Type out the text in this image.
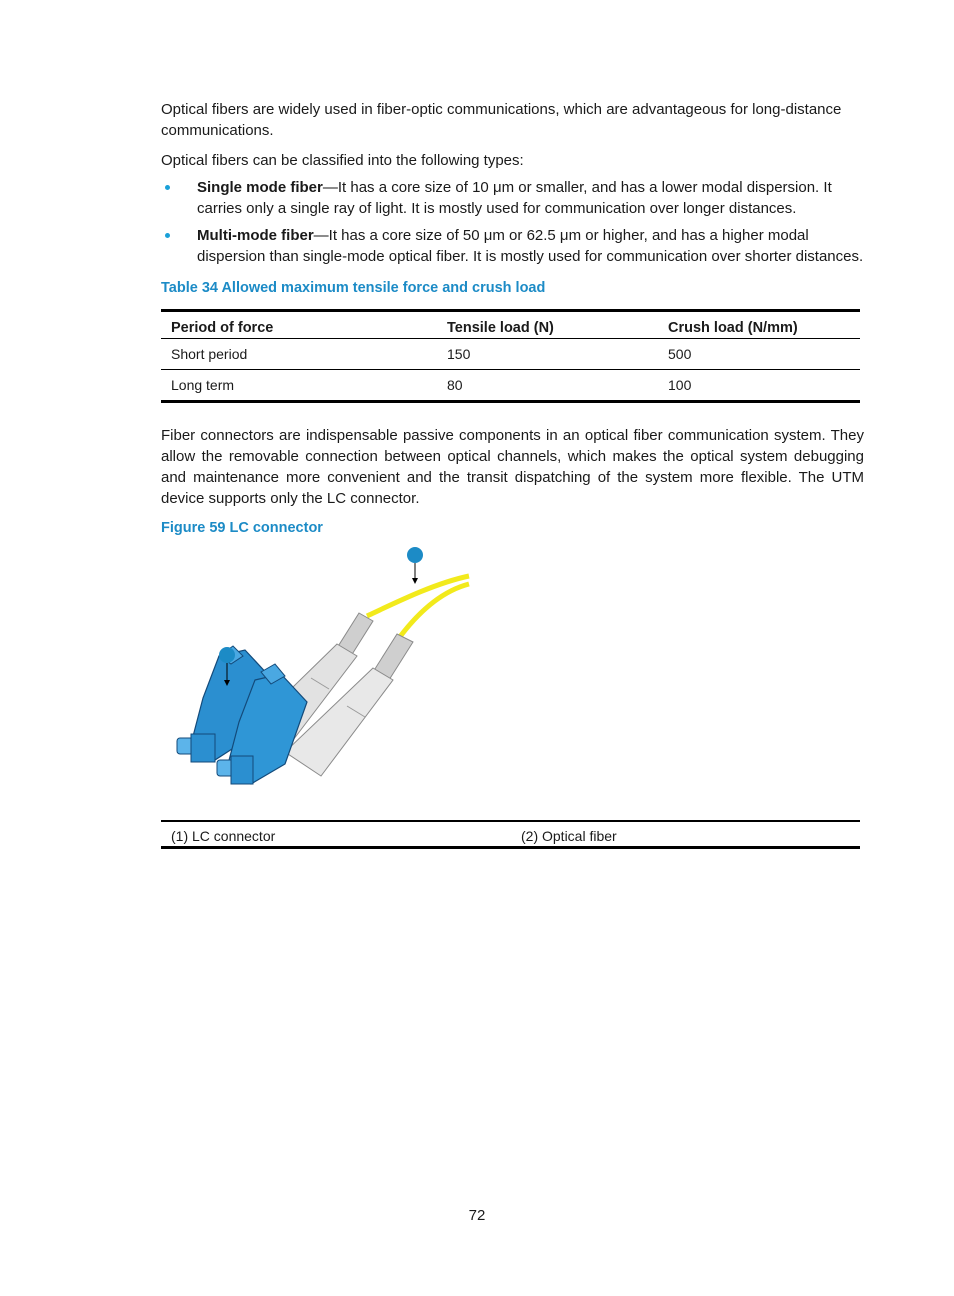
Optical fibers are widely used in fiber-optic communications, which are advantageous for long-distance communications.

Optical fibers can be classified into the following types:

Single mode fiber—It has a core size of 10 μm or smaller, and has a lower modal dispersion. It carries only a single ray of light. It is mostly used for communication over longer distances.
Multi-mode fiber—It has a core size of 50 μm or 62.5 μm or higher, and has a higher modal dispersion than single-mode optical fiber. It is mostly used for communication over shorter distances.
Table 34 Allowed maximum tensile force and crush load
Period of force	Tensile load (N)	Crush load (N/mm)
Short period	150	500
Long term	80	100

Fiber connectors are indispensable passive components in an optical fiber communication system. They allow the removable connection between optical channels, which makes the optical system debugging and maintenance more convenient and the transit dispatching of the system more flexible. The UTM device supports only the LC connector.

Figure 59 LC connector
(1) LC connector	(2) Optical fiber
72
